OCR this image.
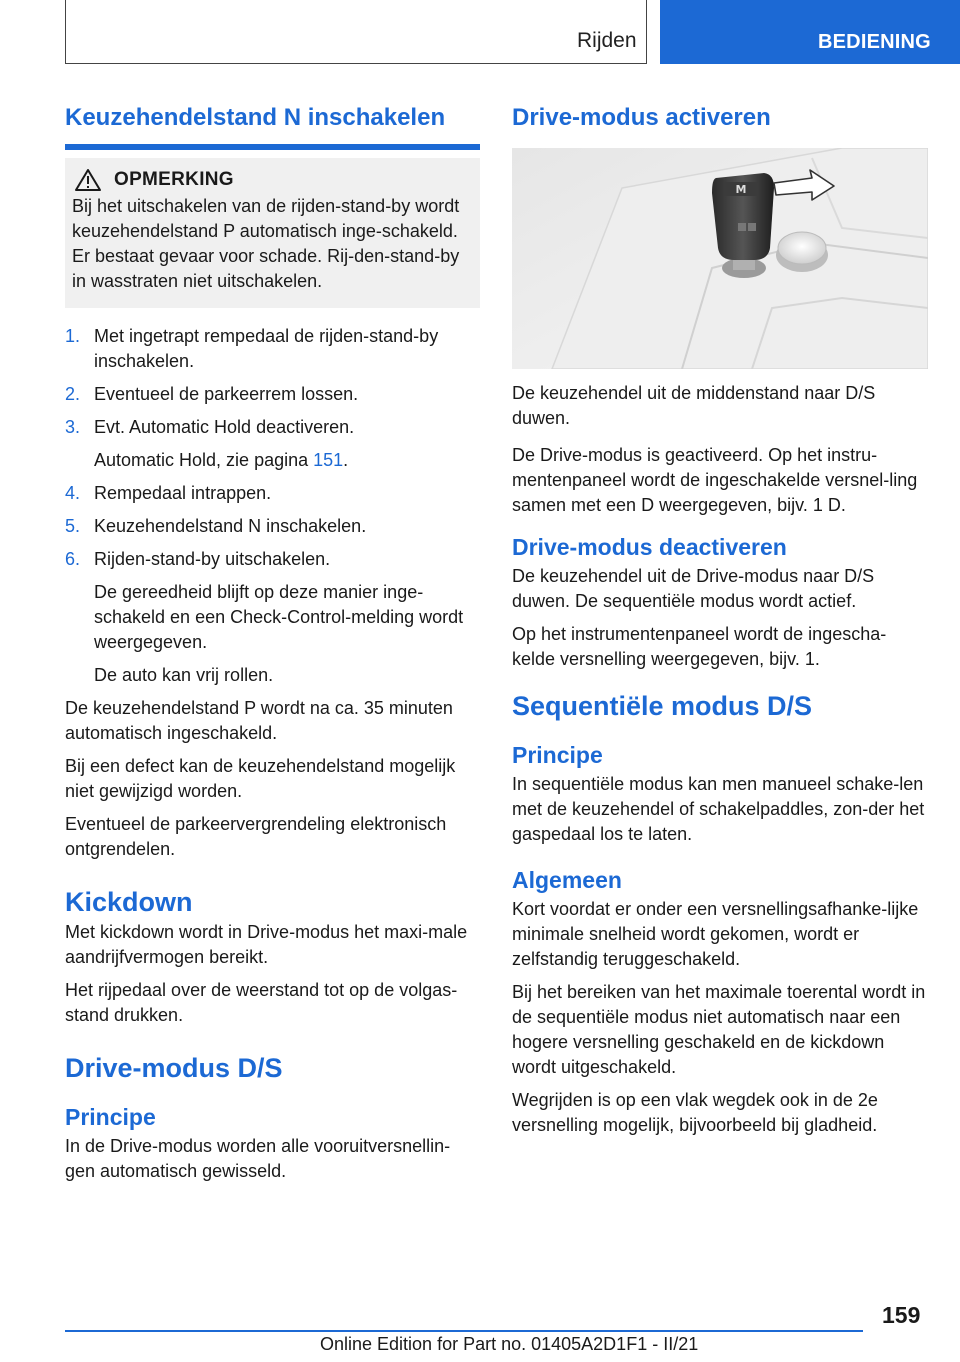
Rijden	BEDIENING
Keuzehendelstand N inschakelen
OPMERKING

Bij het uitschakelen van de rijden-stand-by wordt keuzehendelstand P automatisch inge-schakeld. Er bestaat gevaar voor schade. Rij-den-stand-by in wasstraten niet uitschakelen.

1. Met ingetrapt rempedaal de rijden-stand-by inschakelen.
2. Eventueel de parkeerrem lossen.
3. Evt. Automatic Hold deactiveren.

Automatic Hold, zie pagina 151.

4. Rempedaal intrappen.
5. Keuzehendelstand N inschakelen.
6. Rijden-stand-by uitschakelen.

De gereedheid blijft op deze manier inge-schakeld en een Check-Control-melding wordt weergegeven.

De auto kan vrij rollen.

De keuzehendelstand P wordt na ca. 35 minuten automatisch ingeschakeld.

Bij een defect kan de keuzehendelstand mogelijk niet gewijzigd worden.

Eventueel de parkeervergrendeling elektronisch ontgrendelen.

Kickdown

Met kickdown wordt in Drive-modus het maxi-male aandrijfvermogen bereikt.

Het rijpedaal over de weerstand tot op de volgas-stand drukken.

Drive-modus D/S
Principe

In de Drive-modus worden alle vooruitversnellin-gen automatisch gewisseld.

Drive-modus activeren
M

De keuzehendel uit de middenstand naar D/S duwen.

De Drive-modus is geactiveerd. Op het instru-mentenpaneel wordt de ingeschakelde versnel-ling samen met een D weergegeven, bijv. 1 D.

Drive-modus deactiveren

De keuzehendel uit de Drive-modus naar D/S duwen. De sequentiële modus wordt actief.

Op het instrumentenpaneel wordt de ingescha-kelde versnelling weergegeven, bijv. 1.

Sequentiële modus D/S
Principe

In sequentiële modus kan men manueel schake-len met de keuzehendel of schakelpaddles, zon-der het gaspedaal los te laten.

Algemeen

Kort voordat er onder een versnellingsafhanke-lijke minimale snelheid wordt gekomen, wordt er zelfstandig teruggeschakeld.

Bij het bereiken van het maximale toerental wordt in de sequentiële modus niet automatisch naar een hogere versnelling geschakeld en de kickdown wordt uitgeschakeld.

Wegrijden is op een vlak wegdek ook in de 2e versnelling mogelijk, bijvoorbeeld bij gladheid.

159
Online Edition for Part no. 01405A2D1F1 - II/21
